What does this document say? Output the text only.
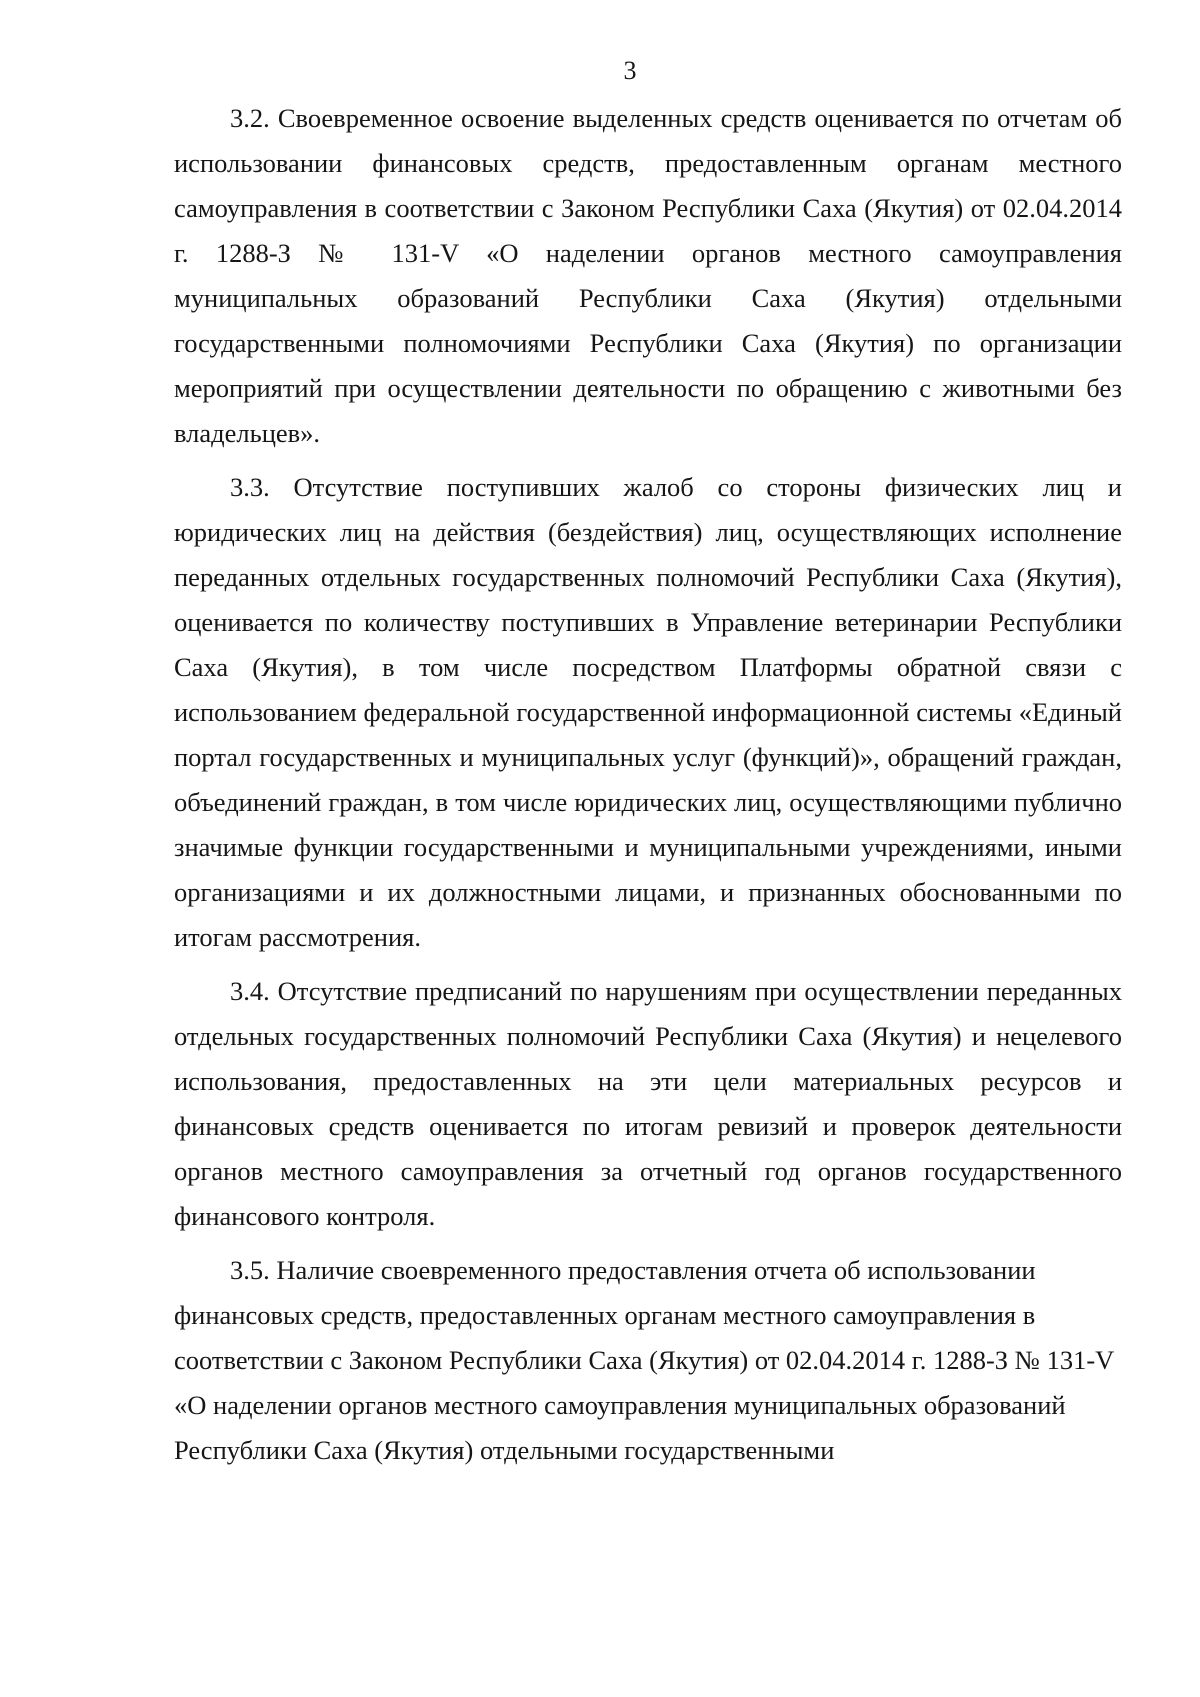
3

3.2. Своевременное освоение выделенных средств оценивается по отчетам об использовании финансовых средств, предоставленным органам местного самоуправления в соответствии с Законом Республики Саха (Якутия) от 02.04.2014 г. 1288-З № 131-V «О наделении органов местного самоуправления муниципальных образований Республики Саха (Якутия) отдельными государственными полномочиями Республики Саха (Якутия) по организации мероприятий при осуществлении деятельности по обращению с животными без владельцев».

3.3. Отсутствие поступивших жалоб со стороны физических лиц и юридических лиц на действия (бездействия) лиц, осуществляющих исполнение переданных отдельных государственных полномочий Республики Саха (Якутия), оценивается по количеству поступивших в Управление ветеринарии Республики Саха (Якутия), в том числе посредством Платформы обратной связи с использованием федеральной государственной информационной системы «Единый портал государственных и муниципальных услуг (функций)», обращений граждан, объединений граждан, в том числе юридических лиц, осуществляющими публично значимые функции государственными и муниципальными учреждениями, иными организациями и их должностными лицами, и признанных обоснованными по итогам рассмотрения.

3.4. Отсутствие предписаний по нарушениям при осуществлении переданных отдельных государственных полномочий Республики Саха (Якутия) и нецелевого использования, предоставленных на эти цели материальных ресурсов и финансовых средств оценивается по итогам ревизий и проверок деятельности органов местного самоуправления за отчетный год органов государственного финансового контроля.

3.5. Наличие своевременного предоставления отчета об использовании финансовых средств, предоставленных органам местного самоуправления в соответствии с Законом Республики Саха (Якутия) от 02.04.2014 г. 1288-З № 131-V «О наделении органов местного самоуправления муниципальных образований Республики Саха (Якутия) отдельными государственными
